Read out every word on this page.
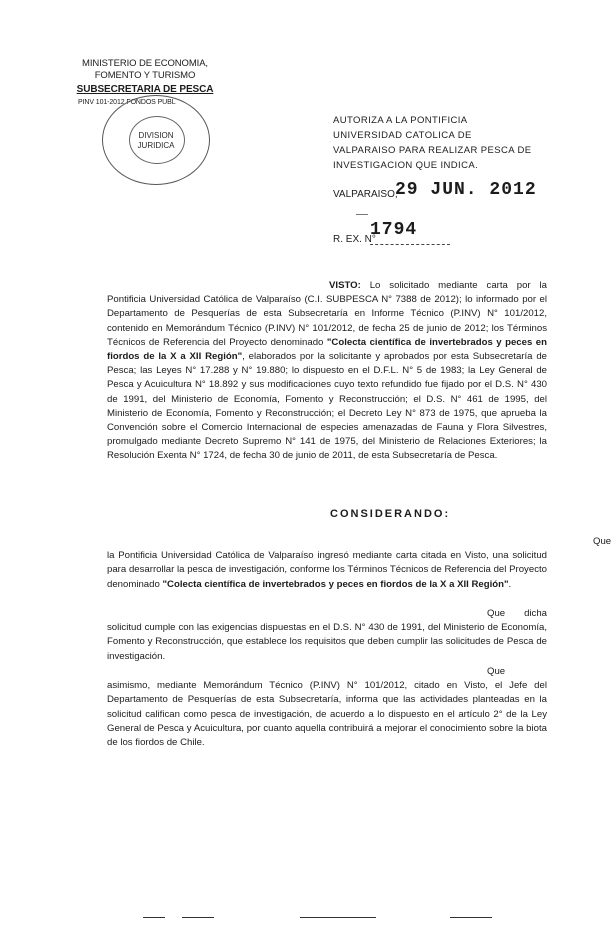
MINISTERIO DE ECONOMIA,
FOMENTO Y TURISMO
SUBSECRETARIA DE PESCA
PINV 101-2012 FONDOS PUBL
DIVISION
JURIDICA
AUTORIZA A LA PONTIFICIA UNIVERSIDAD CATOLICA DE VALPARAISO PARA REALIZAR PESCA DE INVESTIGACION QUE INDICA.
VALPARAISO,
29 JUN. 2012
R. EX. N°
1794

VISTO: Lo solicitado mediante carta por la Pontificia Universidad Católica de Valparaíso (C.I. SUBPESCA N° 7388 de 2012); lo informado por el Departamento de Pesquerías de esta Subsecretaría en Informe Técnico (P.INV) N° 101/2012, contenido en Memorándum Técnico (P.INV) N° 101/2012, de fecha 25 de junio de 2012; los Términos Técnicos de Referencia del Proyecto denominado "Colecta científica de invertebrados y peces en fiordos de la X a XII Región", elaborados por la solicitante y aprobados por esta Subsecretaría de Pesca; las Leyes N° 17.288 y N° 19.880; lo dispuesto en el D.F.L. N° 5 de 1983; la Ley General de Pesca y Acuicultura N° 18.892 y sus modificaciones cuyo texto refundido fue fijado por el D.S. N° 430 de 1991, del Ministerio de Economía, Fomento y Reconstrucción; el D.S. N° 461 de 1995, del Ministerio de Economía, Fomento y Reconstrucción; el Decreto Ley N° 873 de 1975, que aprueba la Convención sobre el Comercio Internacional de especies amenazadas de Fauna y Flora Silvestres, promulgado mediante Decreto Supremo N° 141 de 1975, del Ministerio de Relaciones Exteriores; la Resolución Exenta N° 1724, de fecha 30 de junio de 2011, de esta Subsecretaría de Pesca.

CONSIDERANDO:

Que la Pontificia Universidad Católica de Valparaíso ingresó mediante carta citada en Visto, una solicitud para desarrollar la pesca de investigación, conforme los Términos Técnicos de Referencia del Proyecto denominado "Colecta científica de invertebrados y peces en fiordos de la X a XII Región".

Que dicha solicitud cumple con las exigencias dispuestas en el D.S. N° 430 de 1991, del Ministerio de Economía, Fomento y Reconstrucción, que establece los requisitos que deben cumplir las solicitudes de Pesca de investigación.

Que asimismo, mediante Memorándum Técnico (P.INV) N° 101/2012, citado en Visto, el Jefe del Departamento de Pesquerías de esta Subsecretaría, informa que las actividades planteadas en la solicitud califican como pesca de investigación, de acuerdo a lo dispuesto en el artículo 2° de la Ley General de Pesca y Acuicultura, por cuanto aquella contribuirá a mejorar el conocimiento sobre la biota de los fiordos de Chile.
